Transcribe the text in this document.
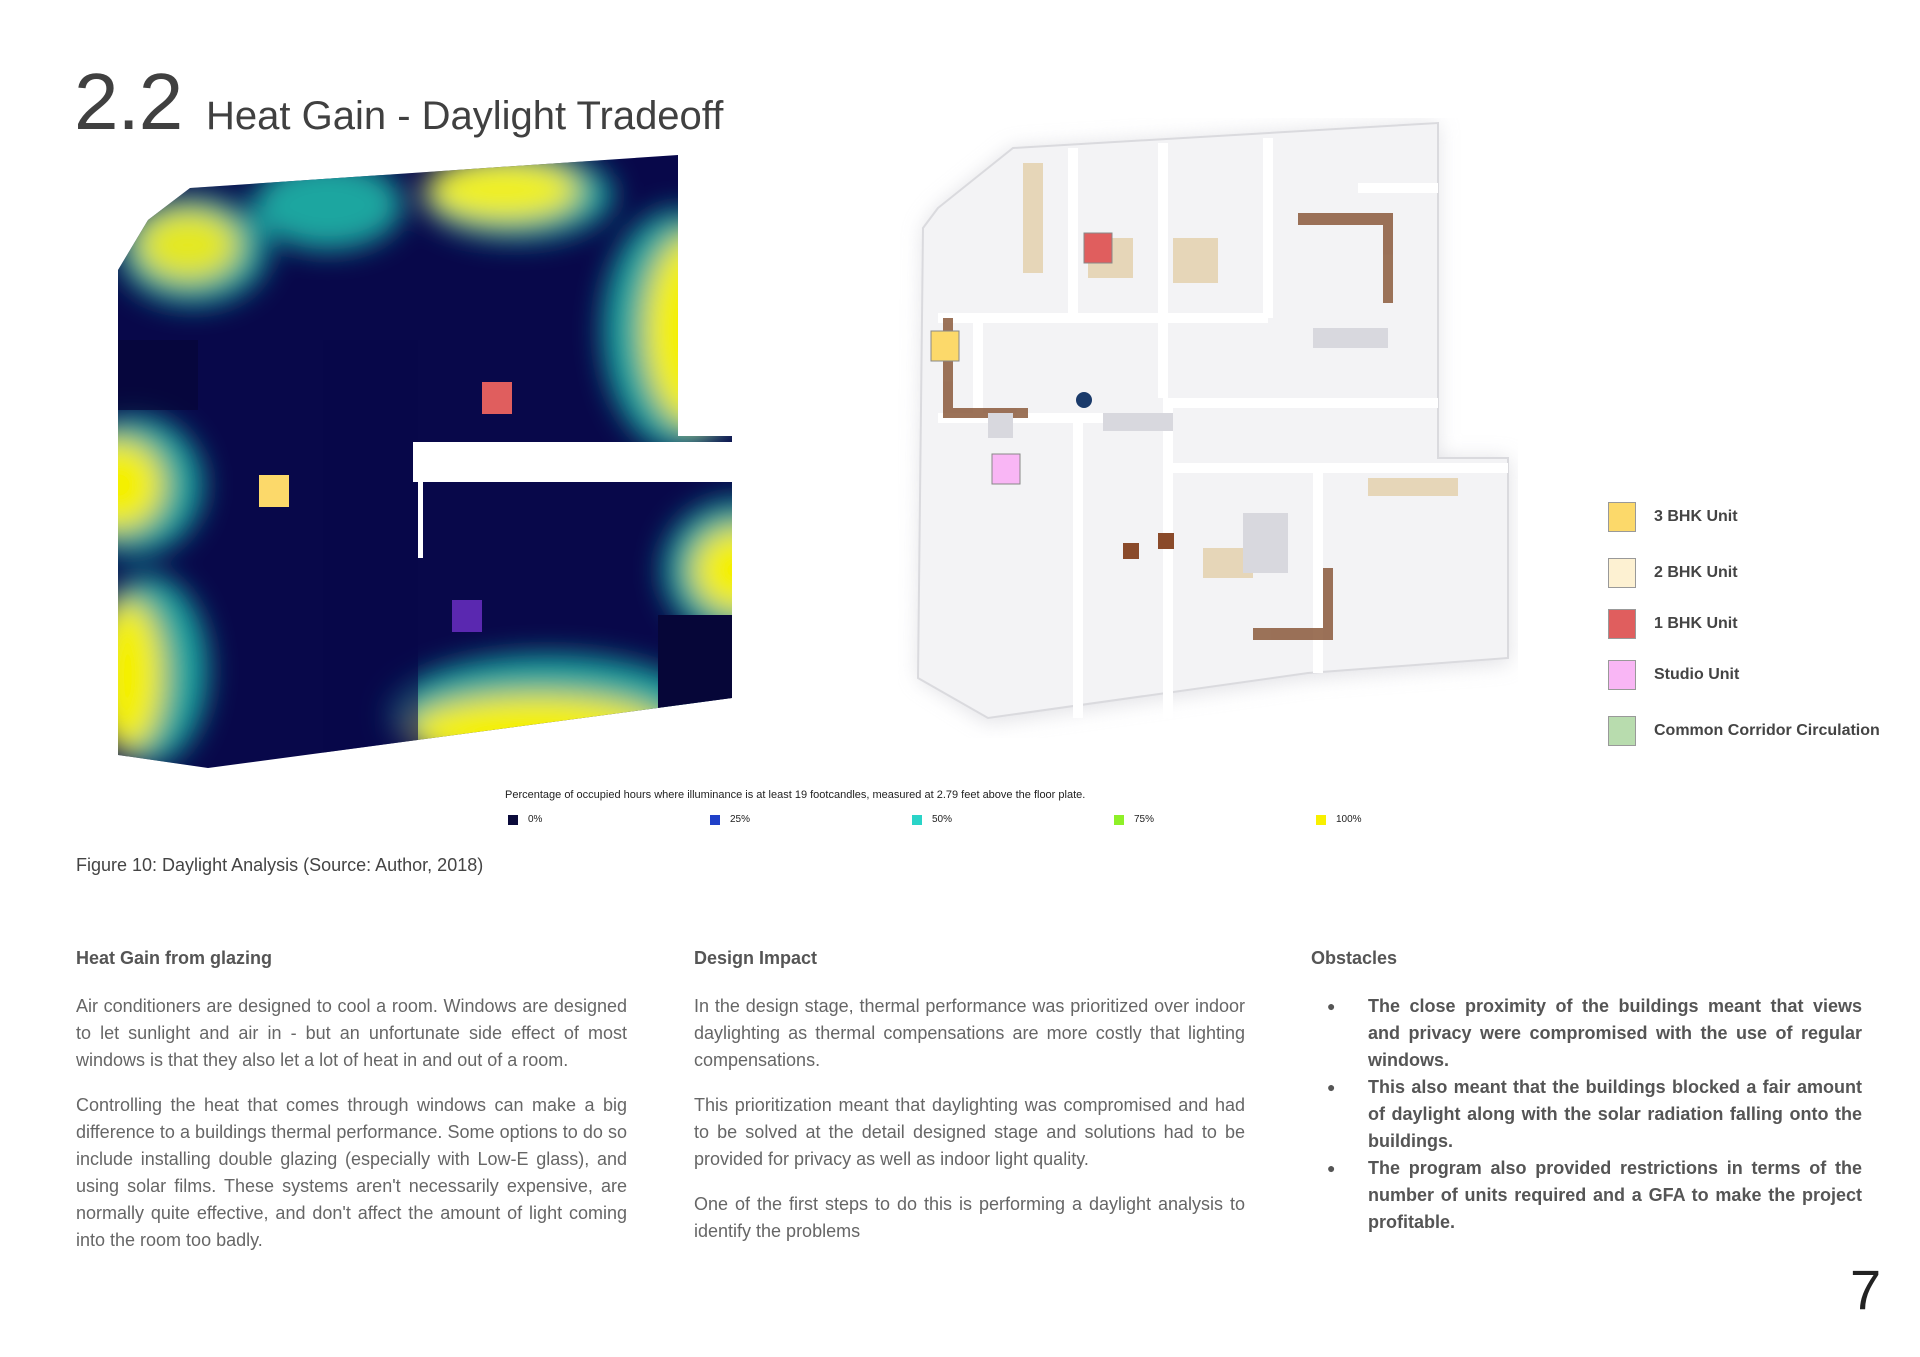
2.2 Heat Gain - Daylight Tradeoff
3 BHK Unit
2 BHK Unit
1 BHK Unit
Studio Unit
Common Corridor Circulation
Percentage of occupied hours where illuminance is at least 19 footcandles, measured at 2.79 feet above the floor plate.
0%	25%	50%	75%	100%
Figure 10: Daylight Analysis (Source: Author, 2018)
Heat Gain from glazing

Air conditioners are designed to cool a room. Windows are designed to let sunlight and air in - but an unfortunate side effect of most windows is that they also let a lot of heat in and out of a room.

Controlling the heat that comes through windows can make a big difference to a buildings thermal performance. Some options to do so include installing double glazing (especially with Low-E glass), and using solar films. These systems aren't necessarily expensive, are normally quite effective, and don't affect the amount of light coming into the room too badly.

Design Impact

In the design stage, thermal performance was prioritized over indoor daylighting as thermal compensations are more costly that lighting compensations.

This prioritization meant that daylighting was compromised and had to be solved at the detail designed stage and solutions had to be provided for privacy as well as indoor light quality.

One of the first steps to do this is performing a daylight analysis to identify the problems

Obstacles
● The close proximity of the buildings meant that views and privacy were compromised with the use of regular windows.
● This also meant that the buildings blocked a fair amount of daylight along with the solar radiation falling onto the buildings.
● The program also provided restrictions in terms of the number of units required and a GFA to make the project profitable.
7
